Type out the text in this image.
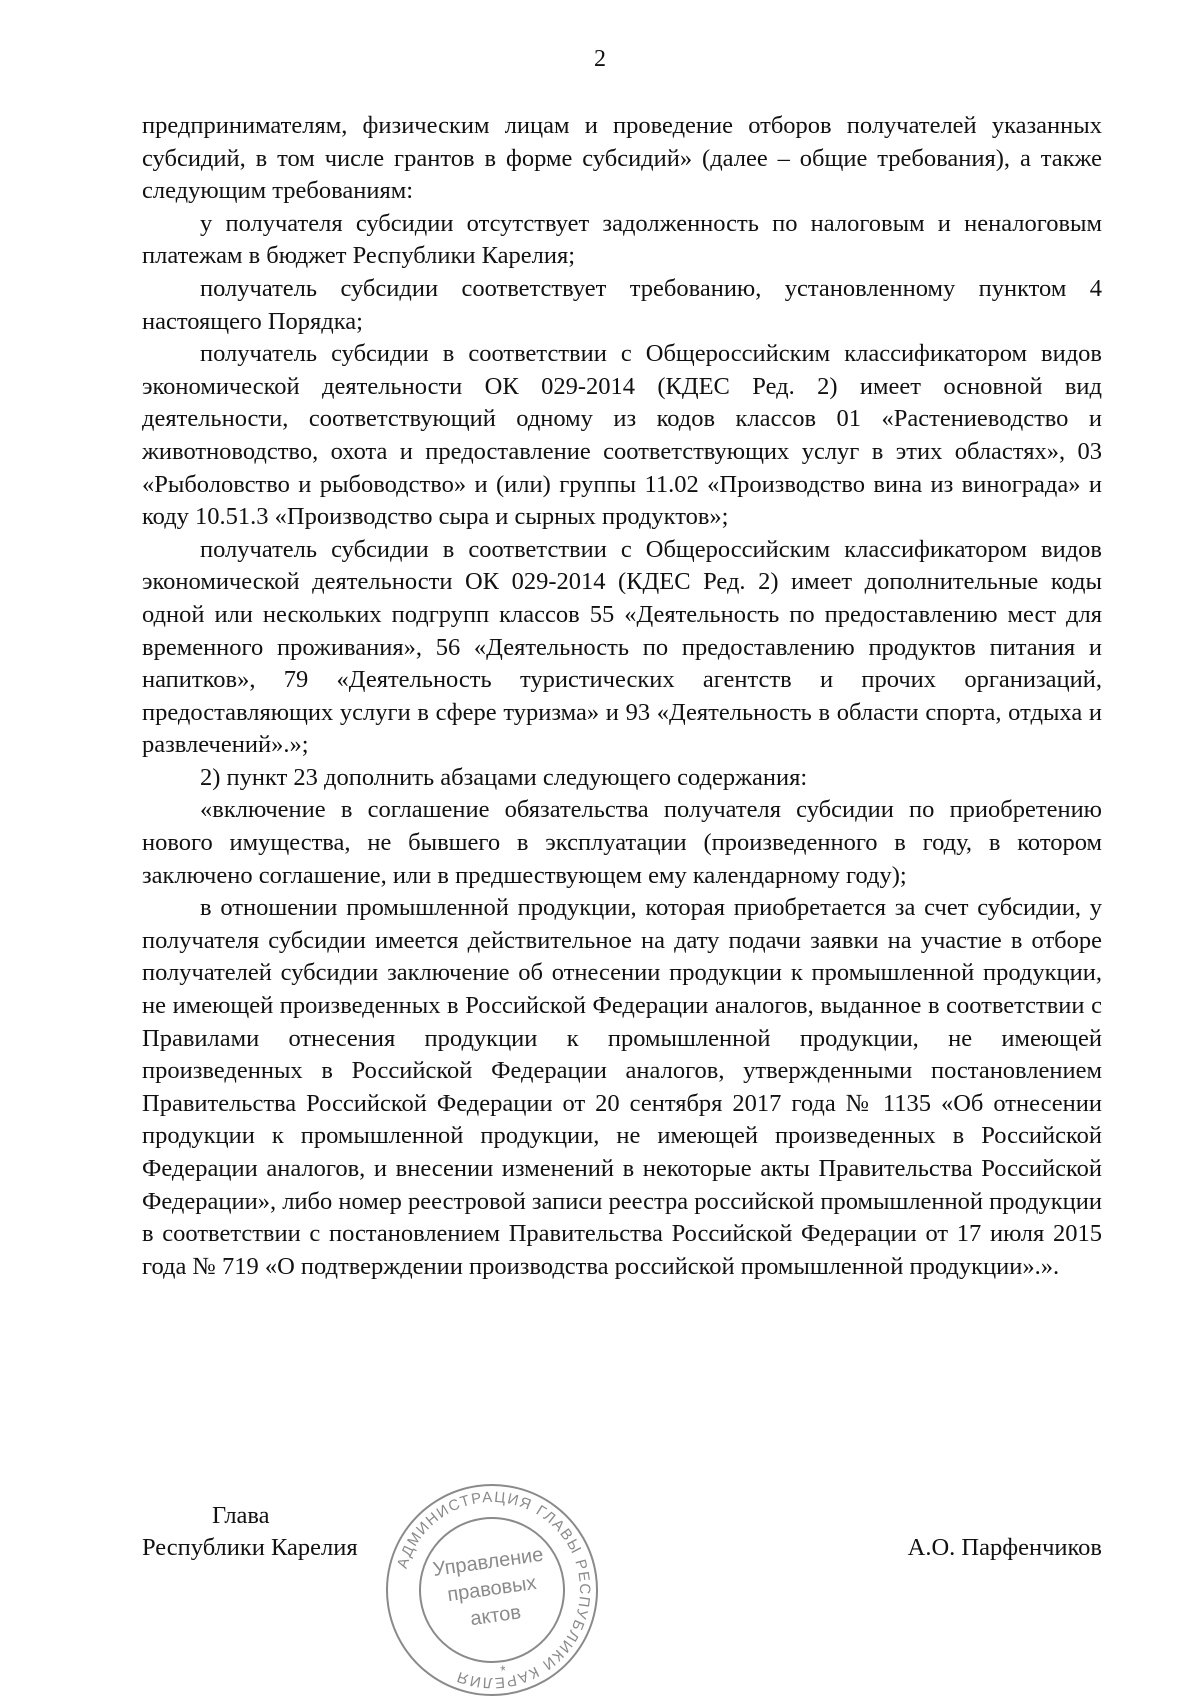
2

предпринимателям, физическим лицам и проведение отборов получателей указанных субсидий, в том числе грантов в форме субсидий» (далее – общие требования), а также следующим требованиям:

у получателя субсидии отсутствует задолженность по налоговым и неналоговым платежам в бюджет Республики Карелия;

получатель субсидии соответствует требованию, установленному пунктом 4 настоящего Порядка;

получатель субсидии в соответствии с Общероссийским классификатором видов экономической деятельности ОК 029-2014 (КДЕС Ред. 2) имеет основной вид деятельности, соответствующий одному из кодов классов 01 «Растениеводство и животноводство, охота и предоставление соответствующих услуг в этих областях», 03 «Рыболовство и рыбоводство» и (или) группы 11.02 «Производство вина из винограда» и коду 10.51.3 «Производство сыра и сырных продуктов»;

получатель субсидии в соответствии с Общероссийским классификатором видов экономической деятельности ОК 029-2014 (КДЕС Ред. 2) имеет дополнительные коды одной или нескольких подгрупп классов 55 «Деятельность по предоставлению мест для временного проживания», 56 «Деятельность по предоставлению продуктов питания и напитков», 79 «Деятельность туристических агентств и прочих организаций, предоставляющих услуги в сфере туризма» и 93 «Деятельность в области спорта, отдыха и развлечений».»;

2) пункт 23 дополнить абзацами следующего содержания:

«включение в соглашение обязательства получателя субсидии по приобретению нового имущества, не бывшего в эксплуатации (произведенного в году, в котором заключено соглашение, или в предшествующем ему календарному году);

в отношении промышленной продукции, которая приобретается за счет субсидии, у получателя субсидии имеется действительное на дату подачи заявки на участие в отборе получателей субсидии заключение об отнесении продукции к промышленной продукции, не имеющей произведенных в Российской Федерации аналогов, выданное в соответствии с Правилами отнесения продукции к промышленной продукции, не имеющей произведенных в Российской Федерации аналогов, утвержденными постановлением Правительства Российской Федерации от 20 сентября 2017 года № 1135 «Об отнесении продукции к промышленной продукции, не имеющей произведенных в Российской Федерации аналогов, и внесении изменений в некоторые акты Правительства Российской Федерации», либо номер реестровой записи реестра российской промышленной продукции в соответствии с постановлением Правительства Российской Федерации от 17 июля 2015 года № 719 «О подтверждении производства российской промышленной продукции».».

Глава
Республики Карелия	А.О. Парфенчиков
АДМИНИСТРАЦИЯ ГЛАВЫ РЕСПУБЛИКИ КАРЕЛИЯ
Управление
правовых
актов
*
